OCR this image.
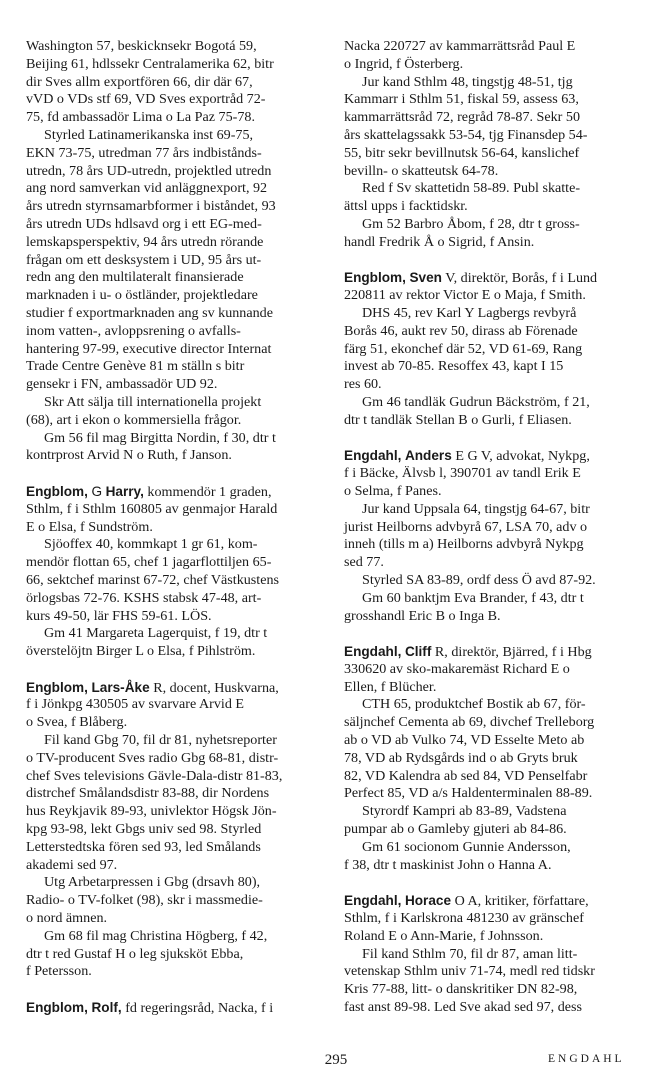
Washington 57, beskicknsekr Bogotá 59,
Beijing 61, hdlssekr Centralamerika 62, bitr
dir Sves allm exportfören 66, dir där 67,
vVD o VDs stf 69, VD Sves exportråd 72-
75, fd ambassadör Lima o La Paz 75-78.
Styrled Latinamerikanska inst 69-75,
EKN 73-75, utredman 77 års indbistånds-
utredn, 78 års UD-utredn, projektled utredn
ang nord samverkan vid anläggnexport, 92
års utredn styrnsamarbformer i biståndet, 93
års utredn UDs hdlsavd org i ett EG-med-
lemskapsperspektiv, 94 års utredn rörande
frågan om ett desksystem i UD, 95 års ut-
redn ang den multilateralt finansierade
marknaden i u- o östländer, projektledare
studier f exportmarknaden ang sv kunnande
inom vatten-, avloppsrening o avfalls-
hantering 97-99, executive director Internat
Trade Centre Genève 81 m ställn s bitr
gensekr i FN, ambassadör UD 92.
Skr Att sälja till internationella projekt
(68), art i ekon o kommersiella frågor.
Gm 56 fil mag Birgitta Nordin, f 30, dtr t
kontrprost Arvid N o Ruth, f Janson.
Engblom, G Harry, kommendör 1 graden,
Sthlm, f i Sthlm 160805 av genmajor Harald
E o Elsa, f Sundström.
Sjöoffex 40, kommkapt 1 gr 61, kom-
mendör flottan 65, chef 1 jagarflottiljen 65-
66, sektchef marinst 67-72, chef Västkustens
örlogsbas 72-76. KSHS stabsk 47-48, art-
kurs 49-50, lär FHS 59-61. LÖS.
Gm 41 Margareta Lagerquist, f 19, dtr t
överstelöjtn Birger L o Elsa, f Pihlström.
Engblom, Lars-Åke R, docent, Huskvarna,
f i Jönkpg 430505 av svarvare Arvid E
o Svea, f Blåberg.
Fil kand Gbg 70, fil dr 81, nyhetsreporter
o TV-producent Sves radio Gbg 68-81, distr-
chef Sves televisions Gävle-Dala-distr 81-83,
distrchef Smålandsdistr 83-88, dir Nordens
hus Reykjavik 89-93, univlektor Högsk Jön-
kpg 93-98, lekt Gbgs univ sed 98. Styrled
Letterstedtska fören sed 93, led Smålands
akademi sed 97.
Utg Arbetarpressen i Gbg (drsavh 80),
Radio- o TV-folket (98), skr i massmedie-
o nord ämnen.
Gm 68 fil mag Christina Högberg, f 42,
dtr t red Gustaf H o leg sjuksköt Ebba,
f Petersson.
Engblom, Rolf, fd regeringsråd, Nacka, f i
Nacka 220727 av kammarrättsråd Paul E
o Ingrid, f Österberg.
Jur kand Sthlm 48, tingstjg 48-51, tjg
Kammarr i Sthlm 51, fiskal 59, assess 63,
kammarrättsråd 72, regråd 78-87. Sekr 50
års skattelagssakk 53-54, tjg Finansdep 54-
55, bitr sekr bevillnutsk 56-64, kanslichef
bevilln- o skatteutsk 64-78.
Red f Sv skattetidn 58-89. Publ skatte-
ättsl upps i facktidskr.
Gm 52 Barbro Åbom, f 28, dtr t gross-
handl Fredrik Å o Sigrid, f Ansin.
Engblom, Sven V, direktör, Borås, f i Lund
220811 av rektor Victor E o Maja, f Smith.
DHS 45, rev Karl Y Lagbergs revbyrå
Borås 46, aukt rev 50, dirass ab Förenade
färg 51, ekonchef där 52, VD 61-69, Rang
invest ab 70-85. Resoffex 43, kapt I 15
res 60.
Gm 46 tandläk Gudrun Bäckström, f 21,
dtr t tandläk Stellan B o Gurli, f Eliasen.
Engdahl, Anders E G V, advokat, Nykpg,
f i Bäcke, Älvsb l, 390701 av tandl Erik E
o Selma, f Panes.
Jur kand Uppsala 64, tingstjg 64-67, bitr
jurist Heilborns advbyrå 67, LSA 70, adv o
inneh (tills m a) Heilborns advbyrå Nykpg
sed 77.
Styrled SA 83-89, ordf dess Ö avd 87-92.
Gm 60 banktjm Eva Brander, f 43, dtr t
grosshandl Eric B o Inga B.
Engdahl, Cliff R, direktör, Bjärred, f i Hbg
330620 av sko-makaremäst Richard E o
Ellen, f Blücher.
CTH 65, produktchef Bostik ab 67, för-
säljnchef Cementa ab 69, divchef Trelleborg
ab o VD ab Vulko 74, VD Esselte Meto ab
78, VD ab Rydsgårds ind o ab Gryts bruk
82, VD Kalendra ab sed 84, VD Penselfabr
Perfect 85, VD a/s Haldenterminalen 88-89.
Styrordf Kampri ab 83-89, Vadstena
pumpar ab o Gamleby gjuteri ab 84-86.
Gm 61 socionom Gunnie Andersson,
f 38, dtr t maskinist John o Hanna A.
Engdahl, Horace O A, kritiker, författare,
Sthlm, f i Karlskrona 481230 av gränschef
Roland E o Ann-Marie, f Johnsson.
Fil kand Sthlm 70, fil dr 87, aman litt-
vetenskap Sthlm univ 71-74, medl red tidskr
Kris 77-88, litt- o danskritiker DN 82-98,
fast anst 89-98. Led Sve akad sed 97, dess
295	ENGDAHL
